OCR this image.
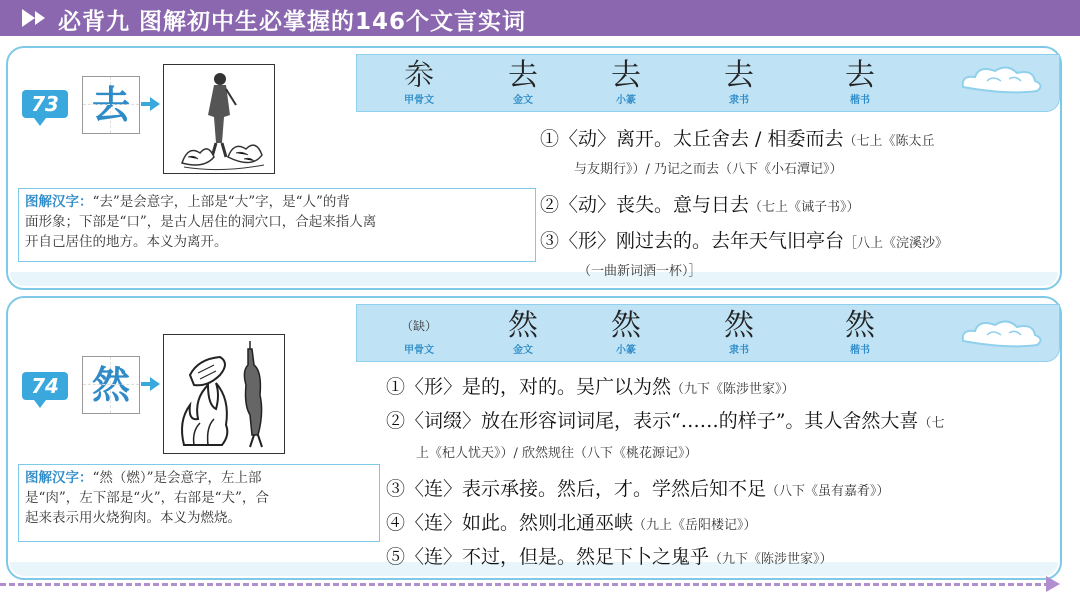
必背九 图解初中生必掌握的146个文言实词
73 去
图解汉字：“去”是会意字，上部是“大”字，是“人”的背
面形象；下部是“口”，是古人居住的洞穴口，合起来指人离
开自己居住的地方。本义为离开。
𠫭
甲骨文
去
金文
去
小篆
去
隶书
去
楷书
①〈动〉离开。太丘舍去 / 相委而去（七上《陈太丘
与友期行》）/ 乃记之而去（八下《小石潭记》）
②〈动〉丧失。意与日去（七上《诫子书》）
③〈形〉刚过去的。去年天气旧亭台［八上《浣溪沙》
（一曲新词酒一杯）］
74 然
图解汉字：“然（燃）”是会意字，左上部
是“肉”，左下部是“火”，右部是“犬”，合
起来表示用火烧狗肉。本义为燃烧。
（缺）
甲骨文
然
金文
然
小篆
然
隶书
然
楷书
①〈形〉是的，对的。吴广以为然（九下《陈涉世家》）
②〈词缀〉放在形容词词尾，表示“……的样子”。其人舍然大喜（七
上《杞人忧天》）/ 欣然规往（八下《桃花源记》）
③〈连〉表示承接。然后，才。学然后知不足（八下《虽有嘉肴》）
④〈连〉如此。然则北通巫峡（九上《岳阳楼记》）
⑤〈连〉不过，但是。然足下卜之鬼乎（九下《陈涉世家》）
